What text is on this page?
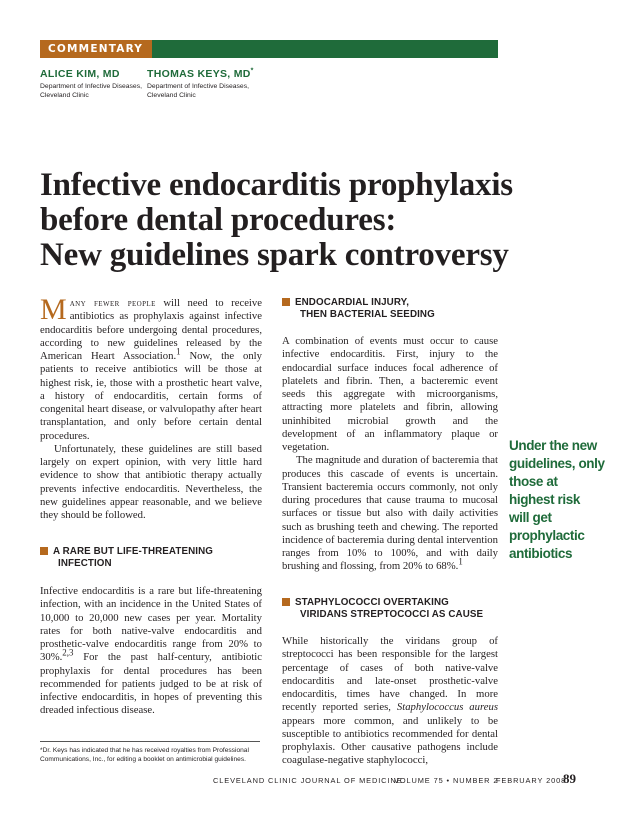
COMMENTARY
ALICE KIM, MD
Department of Infective Diseases,
Cleveland Clinic
THOMAS KEYS, MD*
Department of Infective Diseases,
Cleveland Clinic
Infective endocarditis prophylaxis
before dental procedures:
New guidelines spark controversy

Many fewer people will need to receive antibiotics as prophylaxis against infective endocarditis before undergoing dental procedures, according to new guidelines released by the American Heart Association.$^1$ Now, the only patients to receive antibiotics will be those at highest risk, ie, those with a prosthetic heart valve, a history of endocarditis, certain forms of congenital heart disease, or valvulopathy after heart transplantation, and only before certain dental procedures.

Unfortunately, these guidelines are still based largely on expert opinion, with very little hard evidence to show that antibiotic therapy actually prevents infective endocarditis. Nevertheless, the new guidelines appear reasonable, and we believe they should be followed.

A RARE BUT LIFE-THREATENING
INFECTION

Infective endocarditis is a rare but life-threatening infection, with an incidence in the United States of 10,000 to 20,000 new cases per year. Mortality rates for both native-valve endocarditis and prosthetic-valve endocarditis range from 20% to 30%.$^{2,3}$ For the past half-century, antibiotic prophylaxis for dental procedures has been recommended for patients judged to be at risk of infective endocarditis, in hopes of preventing this dreaded infectious disease.

*Dr. Keys has indicated that he has received royalties from Professional Communications, Inc., for editing a booklet on antimicrobial guidelines.
ENDOCARDIAL INJURY,
THEN BACTERIAL SEEDING

A combination of events must occur to cause infective endocarditis. First, injury to the endocardial surface induces focal adherence of platelets and fibrin. Then, a bacteremic event seeds this aggregate with microorganisms, attracting more platelets and fibrin, allowing uninhibited microbial growth and the development of an inflammatory plaque or vegetation.

The magnitude and duration of bacteremia that produces this cascade of events is uncertain. Transient bacteremia occurs commonly, not only during procedures that cause trauma to mucosal surfaces or tissue but also with daily activities such as brushing teeth and chewing. The reported incidence of bacteremia during dental intervention ranges from 10% to 100%, and with daily brushing and flossing, from 20% to 68%.$^1$

STAPHYLOCOCCI OVERTAKING
VIRIDANS STREPTOCOCCI AS CAUSE

While historically the viridans group of streptococci has been responsible for the largest percentage of cases of both native-valve endocarditis and late-onset prosthetic-valve endocarditis, times have changed. In more recently reported series, Staphylococcus aureus appears more common, and unlikely to be susceptible to antibiotics recommended for dental prophylaxis. Other causative pathogens include coagulase-negative staphylococci,

Under the new
guidelines, only
those at
highest risk
will get
prophylactic
antibiotics
CLEVELAND CLINIC JOURNAL OF MEDICINE
VOLUME 75 • NUMBER 2
FEBRUARY 2008
89
